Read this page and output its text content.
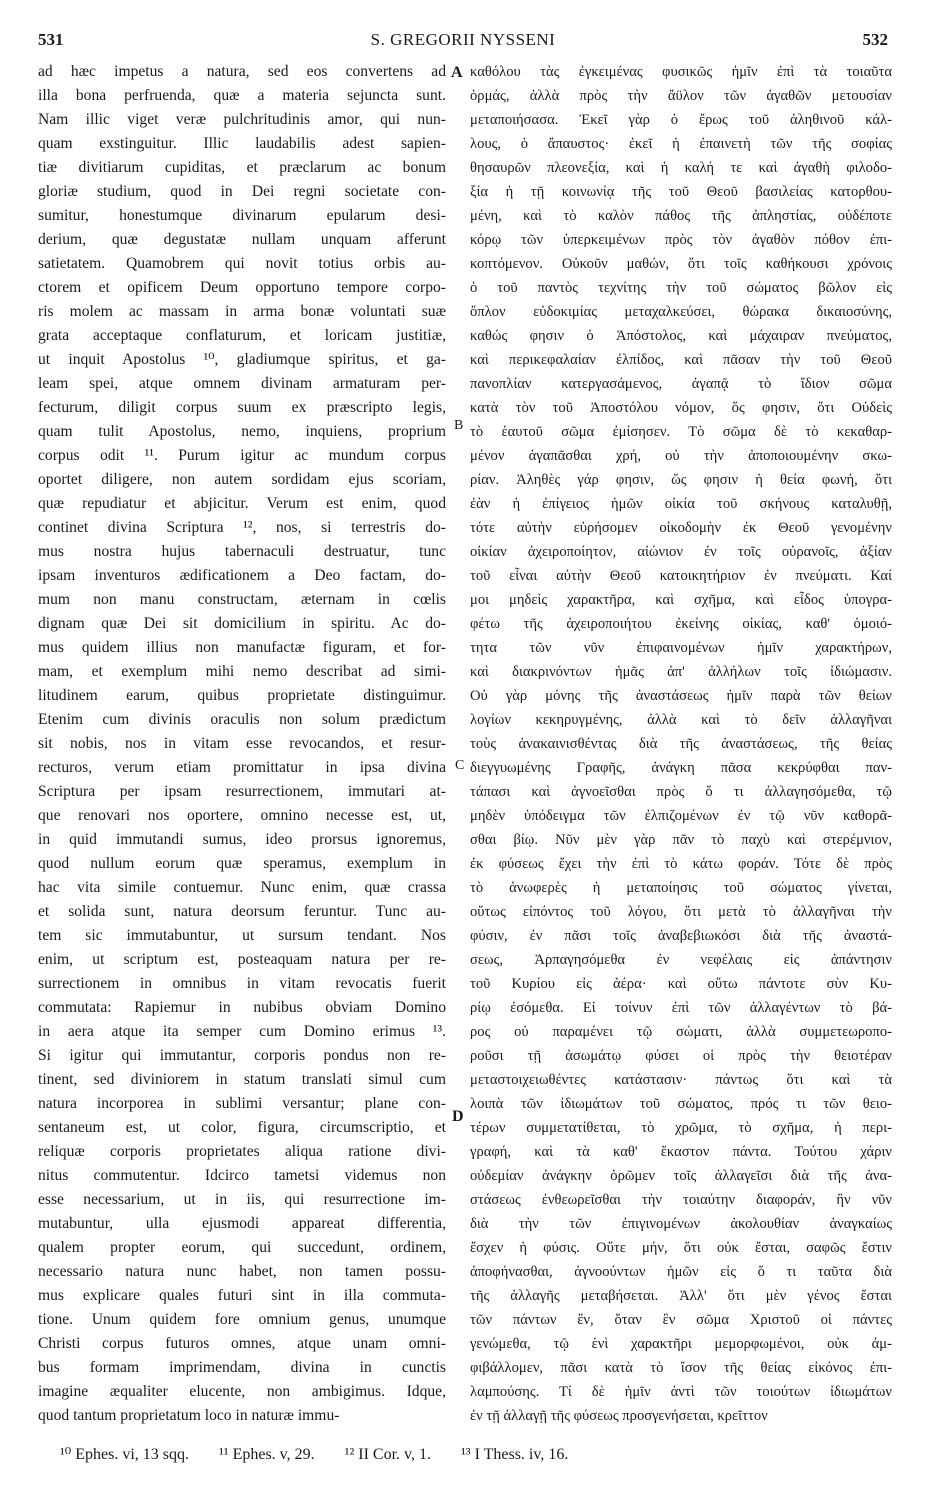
531	S. GREGORII NYSSENI	532
ad hæc impetus a natura, sed eos convertens ad
illa bona perfruenda, quæ a materia sejuncta sunt.
Nam illic viget veræ pulchritudinis amor, qui nun-
quam exstinguitur. Illic laudabilis adest sapien-
tiæ divitiarum cupiditas, et præclarum ac bonum
gloriæ studium, quod in Dei regni societate con-
sumitur, honestumque divinarum epularum desi-
derium, quæ degustatæ nullam unquam afferunt
satietatem. Quamobrem qui novit totius orbis au-
ctorem et opificem Deum opportuno tempore corpo-
ris molem ac massam in arma bonæ voluntati suæ
grata acceptaque conflaturum, et loricam justitiæ,
ut inquit Apostolus ¹⁰, gladiumque spiritus, et ga-
leam spei, atque omnem divinam armaturam per-
fecturum, diligit corpus suum ex præscripto legis,
quam tulit Apostolus, nemo, inquiens, proprium
corpus odit ¹¹. Purum igitur ac mundum corpus
oportet diligere, non autem sordidam ejus scoriam,
quæ repudiatur et abjicitur. Verum est enim, quod
continet divina Scriptura ¹², nos, si terrestris do-
mus nostra hujus tabernaculi destruatur, tunc
ipsam inventuros ædificationem a Deo factam, do-
mum non manu constructam, æternam in cœlis
dignam quæ Dei sit domicilium in spiritu. Ac do-
mus quidem illius non manufactæ figuram, et for-
mam, et exemplum mihi nemo describat ad simi-
litudinem earum, quibus proprietate distinguimur.
Etenim cum divinis oraculis non solum prædictum
sit nobis, nos in vitam esse revocandos, et resur-
recturos, verum etiam promittatur in ipsa divina
Scriptura per ipsam resurrectionem, immutari at-
que renovari nos oportere, omnino necesse est, ut,
in quid immutandi sumus, ideo prorsus ignoremus,
quod nullum eorum quæ speramus, exemplum in
hac vita simile contuemur. Nunc enim, quæ crassa
et solida sunt, natura deorsum feruntur. Tunc au-
tem sic immutabuntur, ut sursum tendant. Nos
enim, ut scriptum est, posteaquam natura per re-
surrectionem in omnibus in vitam revocatis fuerit
commutata: Rapiemur in nubibus obviam Domino
in aera atque ita semper cum Domino erimus ¹³.
Si igitur qui immutantur, corporis pondus non re-
tinent, sed diviniorem in statum translati simul cum
natura incorporea in sublimi versantur; plane con-
sentaneum est, ut color, figura, circumscriptio, et
reliquæ corporis proprietates aliqua ratione divi-
nitus commutentur. Idcirco tametsi videmus non
esse necessarium, ut in iis, qui resurrectione im-
mutabuntur, ulla ejusmodi appareat differentia,
qualem propter eorum, qui succedunt, ordinem,
necessario natura nunc habet, non tamen possu-
mus explicare quales futuri sint in illa commuta-
tione. Unum quidem fore omnium genus, unumque
Christi corpus futuros omnes, atque unam omni-
bus formam imprimendam, divina in cunctis
imagine æqualiter elucente, non ambigimus. Idque,
quod tantum proprietatum loco in naturæ immu-
καθόλου τὰς ἐγκειμένας φυσικῶς ἡμῖν ἐπὶ τὰ τοιαῦτα
ὁρμάς, ἀλλὰ πρὸς τὴν ἄϋλον τῶν ἀγαθῶν μετουσίαν
μεταποιήσασα. Ἐκεῖ γὰρ ὁ ἔρως τοῦ ἀληθινοῦ κάλ-
λους, ὁ ἄπαυστος· ἐκεῖ ἡ ἐπαινετὴ τῶν τῆς σοφίας
θησαυρῶν πλεονεξία, καὶ ἡ καλή τε καὶ ἀγαθὴ φιλοδο-
ξία ἡ τῇ κοινωνίᾳ τῆς τοῦ Θεοῦ βασιλείας κατορθου-
μένη, καὶ τὸ καλὸν πάθος τῆς ἀπληστίας, οὐδέποτε
κόρῳ τῶν ὑπερκειμένων πρὸς τὸν ἀγαθὸν πόθον ἐπι-
κοπτόμενον. Οὐκοῦν μαθών, ὅτι τοῖς καθήκουσι χρόνοις
ὁ τοῦ παντὸς τεχνίτης τὴν τοῦ σώματος βῶλον εἰς
ὅπλον εὐδοκιμίας μεταχαλκεύσει, θώρακα δικαιοσύνης,
καθώς φησιν ὁ Ἀπόστολος, καὶ μάχαιραν πνεύματος,
καὶ περικεφαλαίαν ἐλπίδος, καὶ πᾶσαν τὴν τοῦ Θεοῦ
πανοπλίαν κατεργασάμενος, ἀγαπᾷ τὸ ἴδιον σῶμα
κατὰ τὸν τοῦ Ἀποστόλου νόμον, ὅς φησιν, ὅτι Οὐδεὶς
τὸ ἑαυτοῦ σῶμα ἐμίσησεν. Τὸ σῶμα δὲ τὸ κεκαθαρ-
μένον ἀγαπᾶσθαι χρή, οὐ τὴν ἀποποιουμένην σκω-
ρίαν. Ἀληθὲς γάρ φησιν, ὥς φησιν ἡ θεία φωνή, ὅτι
ἐὰν ἡ ἐπίγειος ἡμῶν οἰκία τοῦ σκήνους καταλυθῇ,
τότε αὐτὴν εὑρήσομεν οἰκοδομὴν ἐκ Θεοῦ γενομένην
οἰκίαν ἀχειροποίητον, αἰώνιον ἐν τοῖς οὐρανοῖς, ἀξίαν
τοῦ εἶναι αὐτὴν Θεοῦ κατοικητήριον ἐν πνεύματι. Καί
μοι μηδεὶς χαρακτῆρα, καὶ σχῆμα, καὶ εἶδος ὑπογρα-
φέτω τῆς ἀχειροποιήτου ἐκείνης οἰκίας, καθ' ὁμοιό-
τητα τῶν νῦν ἐπιφαινομένων ἡμῖν χαρακτήρων,
καὶ διακρινόντων ἡμᾶς ἀπ' ἀλλήλων τοῖς ἰδιώμασιν.
Οὐ γὰρ μόνης τῆς ἀναστάσεως ἡμῖν παρὰ τῶν θείων
λογίων κεκηρυγμένης, ἀλλὰ καὶ τὸ δεῖν ἀλλαγῆναι
τοὺς ἀνακαινισθέντας διὰ τῆς ἀναστάσεως, τῆς θείας
διεγγυωμένης Γραφῆς, ἀνάγκη πᾶσα κεκρύφθαι παν-
τάπασι καὶ ἀγνοεῖσθαι πρὸς ὅ τι ἀλλαγησόμεθα, τῷ
μηδὲν ὑπόδειγμα τῶν ἐλπιζομένων ἐν τῷ νῦν καθορᾶ-
σθαι βίῳ. Νῦν μὲν γὰρ πᾶν τὸ παχὺ καὶ στερέμνιον,
ἐκ φύσεως ἔχει τὴν ἐπὶ τὸ κάτω φοράν. Τότε δὲ πρὸς
τὸ ἀνωφερὲς ἡ μεταποίησις τοῦ σώματος γίνεται,
οὕτως εἰπόντος τοῦ λόγου, ὅτι μετὰ τὸ ἀλλαγῆναι τὴν
φύσιν, ἐν πᾶσι τοῖς ἀναβεβιωκόσι διὰ τῆς ἀναστά-
σεως, Ἁρπαγησόμεθα ἐν νεφέλαις εἰς ἀπάντησιν
τοῦ Κυρίου εἰς ἀέρα· καὶ οὕτω πάντοτε σὺν Κυ-
ρίῳ ἐσόμεθα. Εἰ τοίνυν ἐπὶ τῶν ἀλλαγέντων τὸ βά-
ρος οὐ παραμένει τῷ σώματι, ἀλλὰ συμμετεωροπο-
ροῦσι τῇ ἀσωμάτῳ φύσει οἱ πρὸς τὴν θειοτέραν
μεταστοιχειωθέντες κατάστασιν· πάντως ὅτι καὶ τὰ
λοιπὰ τῶν ἰδιωμάτων τοῦ σώματος, πρός τι τῶν θειο-
τέρων συμμετατίθεται, τὸ χρῶμα, τὸ σχῆμα, ἡ περι-
γραφή, καὶ τὰ καθ' ἕκαστον πάντα. Τούτου χάριν
οὐδεμίαν ἀνάγκην ὁρῶμεν τοῖς ἀλλαγεῖσι διὰ τῆς ἀνα-
στάσεως ἐνθεωρεῖσθαι τὴν τοιαύτην διαφοράν, ἣν νῦν
διὰ τὴν τῶν ἐπιγινομένων ἀκολουθίαν ἀναγκαίως
ἔσχεν ἡ φύσις. Οὔτε μήν, ὅτι οὐκ ἔσται, σαφῶς ἔστιν
ἀποφήνασθαι, ἀγνοούντων ἡμῶν εἰς ὅ τι ταῦτα διὰ
τῆς ἀλλαγῆς μεταβήσεται. Ἀλλ' ὅτι μὲν γένος ἔσται
τῶν πάντων ἕν, ὅταν ἓν σῶμα Χριστοῦ οἱ πάντες
γενώμεθα, τῷ ἑνὶ χαρακτῆρι μεμορφωμένοι, οὐκ ἀμ-
φιβάλλομεν, πᾶσι κατὰ τὸ ἴσον τῆς θείας εἰκόνος ἐπι-
λαμπούσης. Τί δὲ ἡμῖν ἀντὶ τῶν τοιούτων ἰδιωμάτων
ἐν τῇ ἀλλαγῇ τῆς φύσεως προσγενήσεται, κρεῖττον
A
B
C
D
¹⁰ Ephes. vi, 13 sqq. ¹¹ Ephes. v, 29. ¹² II Cor. v, 1. ¹³ I Thess. iv, 16.
